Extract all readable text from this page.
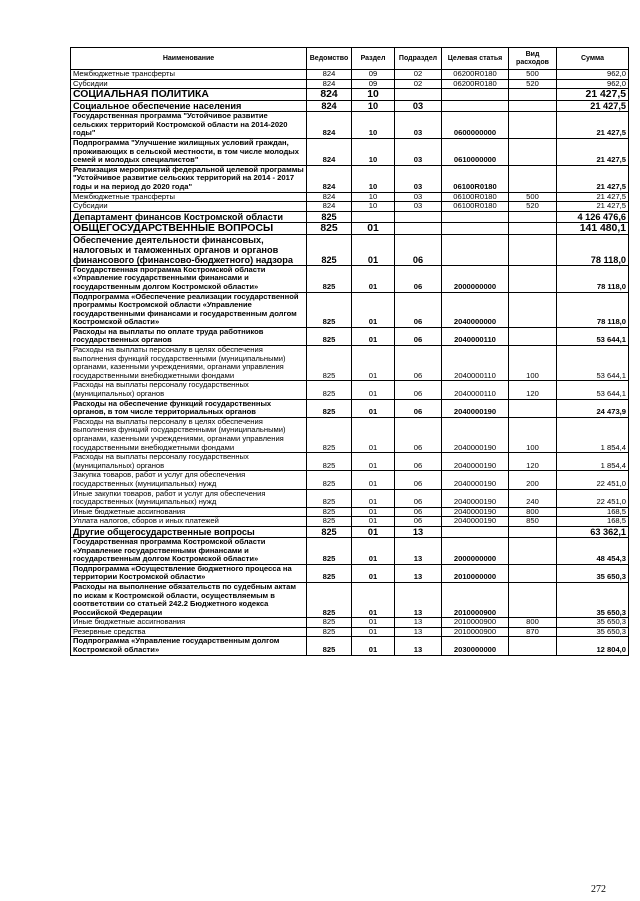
Наименование	Ведомство	Раздел	Подраздел	Целевая статья	Вид расходов	Сумма
Межбюджетные трансферты	824	09	02	06200R0180	500	962,0
Субсидии	824	09	02	06200R0180	520	962,0
СОЦИАЛЬНАЯ ПОЛИТИКА	824	10				21 427,5
Социальное обеспечение населения	824	10	03			21 427,5
Государственная программа "Устойчивое развитие сельских территорий Костромской области на 2014-2020 годы"	824	10	03	0600000000		21 427,5
Подпрограмма "Улучшение жилищных условий граждан, проживающих в сельской местности, в том числе молодых семей и молодых специалистов"	824	10	03	0610000000		21 427,5
Реализация мероприятий федеральной целевой программы "Устойчивое развитие сельских территорий на 2014 - 2017 годы и на период до 2020 года"	824	10	03	06100R0180		21 427,5
Межбюджетные трансферты	824	10	03	06100R0180	500	21 427,5
Субсидии	824	10	03	06100R0180	520	21 427,5
Департамент финансов Костромской области	825					4 126 476,6
ОБЩЕГОСУДАРСТВЕННЫЕ ВОПРОСЫ	825	01				141 480,1
Обеспечение деятельности финансовых, налоговых и таможенных органов и органов финансового (финансово-бюджетного) надзора	825	01	06			78 118,0
Государственная программа Костромской области «Управление государственными финансами и государственным долгом Костромской области»	825	01	06	2000000000		78 118,0
Подпрограмма «Обеспечение реализации государственной программы Костромской области «Управление государственными финансами и государственным долгом Костромской области»	825	01	06	2040000000		78 118,0
Расходы на выплаты по оплате труда работников государственных органов	825	01	06	2040000110		53 644,1
Расходы на выплаты персоналу в целях обеспечения выполнения функций государственными (муниципальными) органами, казенными учреждениями, органами управления государственными внебюджетными фондами	825	01	06	2040000110	100	53 644,1
Расходы на выплаты персоналу государственных (муниципальных) органов	825	01	06	2040000110	120	53 644,1
Расходы на обеспечение функций государственных органов, в том числе территориальных органов	825	01	06	2040000190		24 473,9
Расходы на выплаты персоналу в целях обеспечения выполнения функций государственными (муниципальными) органами, казенными учреждениями, органами управления государственными внебюджетными фондами	825	01	06	2040000190	100	1 854,4
Расходы на выплаты персоналу государственных (муниципальных) органов	825	01	06	2040000190	120	1 854,4
Закупка товаров, работ и услуг для обеспечения государственных (муниципальных) нужд	825	01	06	2040000190	200	22 451,0
Иные закупки товаров, работ и услуг для обеспечения государственных (муниципальных) нужд	825	01	06	2040000190	240	22 451,0
Иные бюджетные ассигнования	825	01	06	2040000190	800	168,5
Уплата налогов, сборов и иных платежей	825	01	06	2040000190	850	168,5
Другие общегосударственные вопросы	825	01	13			63 362,1
Государственная программа Костромской области «Управление государственными финансами и государственным долгом Костромской области»	825	01	13	2000000000		48 454,3
Подпрограмма «Осуществление бюджетного процесса на территории Костромской области»	825	01	13	2010000000		35 650,3
Расходы на выполнение обязательств по судебным актам по искам к Костромской области, осуществляемым в соответствии со статьей 242.2 Бюджетного кодекса Российской Федерации	825	01	13	2010000900		35 650,3
Иные бюджетные ассигнования	825	01	13	2010000900	800	35 650,3
Резервные средства	825	01	13	2010000900	870	35 650,3
Подпрограмма «Управление государственным долгом Костромской области»	825	01	13	2030000000		12 804,0
272
